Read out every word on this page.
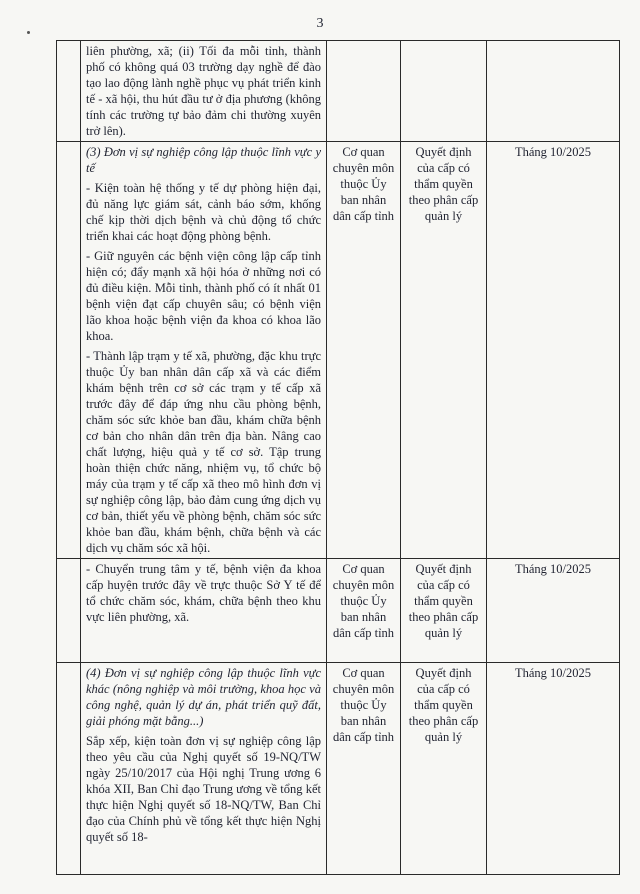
3

	liên phường, xã; (ii) Tối đa mỗi tỉnh, thành phố có không quá 03 trường dạy nghề để đào tạo lao động lành nghề phục vụ phát triển kinh tế - xã hội, thu hút đầu tư ở địa phương (không tính các trường tự bảo đảm chi thường xuyên trở lên).			

	(3) Đơn vị sự nghiệp công lập thuộc lĩnh vực y tế

- Kiện toàn hệ thống y tế dự phòng hiện đại, đủ năng lực giám sát, cảnh báo sớm, khống chế kịp thời dịch bệnh và chủ động tổ chức triển khai các hoạt động phòng bệnh.

- Giữ nguyên các bệnh viện công lập cấp tỉnh hiện có; đẩy mạnh xã hội hóa ở những nơi có đủ điều kiện. Mỗi tỉnh, thành phố có ít nhất 01 bệnh viện đạt cấp chuyên sâu; có bệnh viện lão khoa hoặc bệnh viện đa khoa có khoa lão khoa.

- Thành lập trạm y tế xã, phường, đặc khu trực thuộc Ủy ban nhân dân cấp xã và các điểm khám bệnh trên cơ sở các trạm y tế cấp xã trước đây để đáp ứng nhu cầu phòng bệnh, chăm sóc sức khỏe ban đầu, khám chữa bệnh cơ bản cho nhân dân trên địa bàn. Nâng cao chất lượng, hiệu quả y tế cơ sở. Tập trung hoàn thiện chức năng, nhiệm vụ, tổ chức bộ máy của trạm y tế cấp xã theo mô hình đơn vị sự nghiệp công lập, bảo đảm cung ứng dịch vụ cơ bản, thiết yếu về phòng bệnh, chăm sóc sức khỏe ban đầu, khám bệnh, chữa bệnh và các dịch vụ chăm sóc xã hội.	Cơ quan chuyên môn thuộc Ủy ban nhân dân cấp tỉnh	Quyết định của cấp có thẩm quyền theo phân cấp quản lý	Tháng 10/2025

	- Chuyển trung tâm y tế, bệnh viện đa khoa cấp huyện trước đây về trực thuộc Sở Y tế để tổ chức chăm sóc, khám, chữa bệnh theo khu vực liên phường, xã.	Cơ quan chuyên môn thuộc Ủy ban nhân dân cấp tỉnh	Quyết định của cấp có thẩm quyền theo phân cấp quản lý	Tháng 10/2025

	(4) Đơn vị sự nghiệp công lập thuộc lĩnh vực khác (nông nghiệp và môi trường, khoa học và công nghệ, quản lý dự án, phát triển quỹ đất, giải phóng mặt bằng...)

Sắp xếp, kiện toàn đơn vị sự nghiệp công lập theo yêu cầu của Nghị quyết số 19-NQ/TW ngày 25/10/2017 của Hội nghị Trung ương 6 khóa XII, Ban Chỉ đạo Trung ương về tổng kết thực hiện Nghị quyết số 18-NQ/TW, Ban Chỉ đạo của Chính phủ về tổng kết thực hiện Nghị quyết số 18-	Cơ quan chuyên môn thuộc Ủy ban nhân dân cấp tỉnh	Quyết định của cấp có thẩm quyền theo phân cấp quản lý	Tháng 10/2025
